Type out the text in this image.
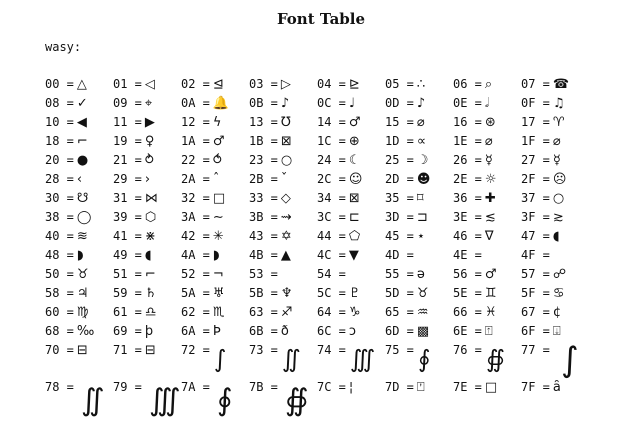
Font Table
wasy:
00 = △	01 = ◁	02 = ⊴	03 = ▷	04 = ⊵	05 = ∴	06 = ⌕	07 = ☎
08 = ✓	09 = ⌖	0A = 🔔	0B = ♪	0C = ♩	0D = ♪	0E = 𝅗𝅥	0F = ♫
10 = ◀	11 = ▶	12 = ϟ	13 = ℧	14 = ♂	15 = ⌀	16 = ⊛	17 = ♈
18 = ⌐	19 = ♀	1A = ♂	1B = ⊠	1C = ⊕	1D = ∝	1E = ⌀	1F = ⌀
20 = ●	21 = ⥁	22 = ⥀	23 = ○	24 = ☾	25 = ☽	26 = ☿	27 = ☿
28 = ‹	29 = ›	2A = ˆ	2B = ˇ	2C = ☺	2D = ☻	2E = ☼	2F = ☹
30 = ☋	31 = ⋈	32 = □	33 = ◇	34 = ⊠	35 = ⌑	36 = ✚	37 = ○
38 = ◯	39 = ⬡	3A = ∼	3B = ⇝	3C = ⊏	3D = ⊐	3E = ≲	3F = ≳
40 = ≋	41 = ⋇	42 = ✳	43 = ✡	44 = ⬠	45 = ⋆	46 = ∇	47 = ◖
48 = ◗	49 = ◖	4A = ◗	4B = ▲	4C = ▼	4D =	4E =	4F =
50 = ♉	51 = ⌐	52 = ¬	53 =	54 =	55 = ə	56 = ♂	57 = ☍
58 = ♃	59 = ♄	5A = ♅	5B = ♆	5C = ♇	5D = ♉	5E = ♊	5F = ♋
60 = ♍	61 = ♎	62 = ♏	63 = ♐	64 = ♑	65 = ♒	66 = ♓	67 = ¢
68 = ‰	69 = þ	6A = Þ	6B = ð	6C = ɔ	6D = ▩	6E = ⍐	6F = ⍗
70 = ⊟	71 = ⊟	72 = ∫ 73 = ∬ 74 = ∭ 75 = ∮ 76 = ∯ 77 = ∫
78 = ∬ 79 = ∭ 7A = ∮ 7B = ∯ 7C = ¦	7D = ⍞	7E = □	7F = ȃ
